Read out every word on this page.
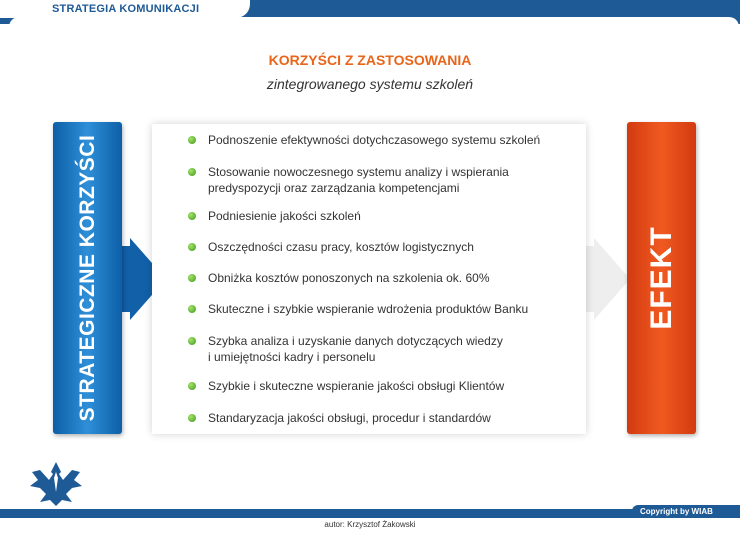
STRATEGIA KOMUNIKACJI
KORZYŚCI Z ZASTOSOWANIA
zintegrowanego systemu szkoleń
STRATEGICZNE KORZYŚCI	EFEKT
Podnoszenie efektywności dotychczasowego systemu szkoleń
Stosowanie nowoczesnego systemu analizy i wspierania
predyspozycji oraz zarządzania kompetencjami
Podniesienie jakości szkoleń
Oszczędności czasu pracy, kosztów logistycznych
Obniżka kosztów ponoszonych na szkolenia ok. 60%
Skuteczne i szybkie wspieranie wdrożenia produktów Banku
Szybka analiza i uzyskanie danych dotyczących wiedzy
i umiejętności kadry i personelu
Szybkie i skuteczne wspieranie jakości obsługi Klientów
Standaryzacja jakości obsługi, procedur i standardów
Copyright by WIAB
autor: Krzysztof Żakowski
